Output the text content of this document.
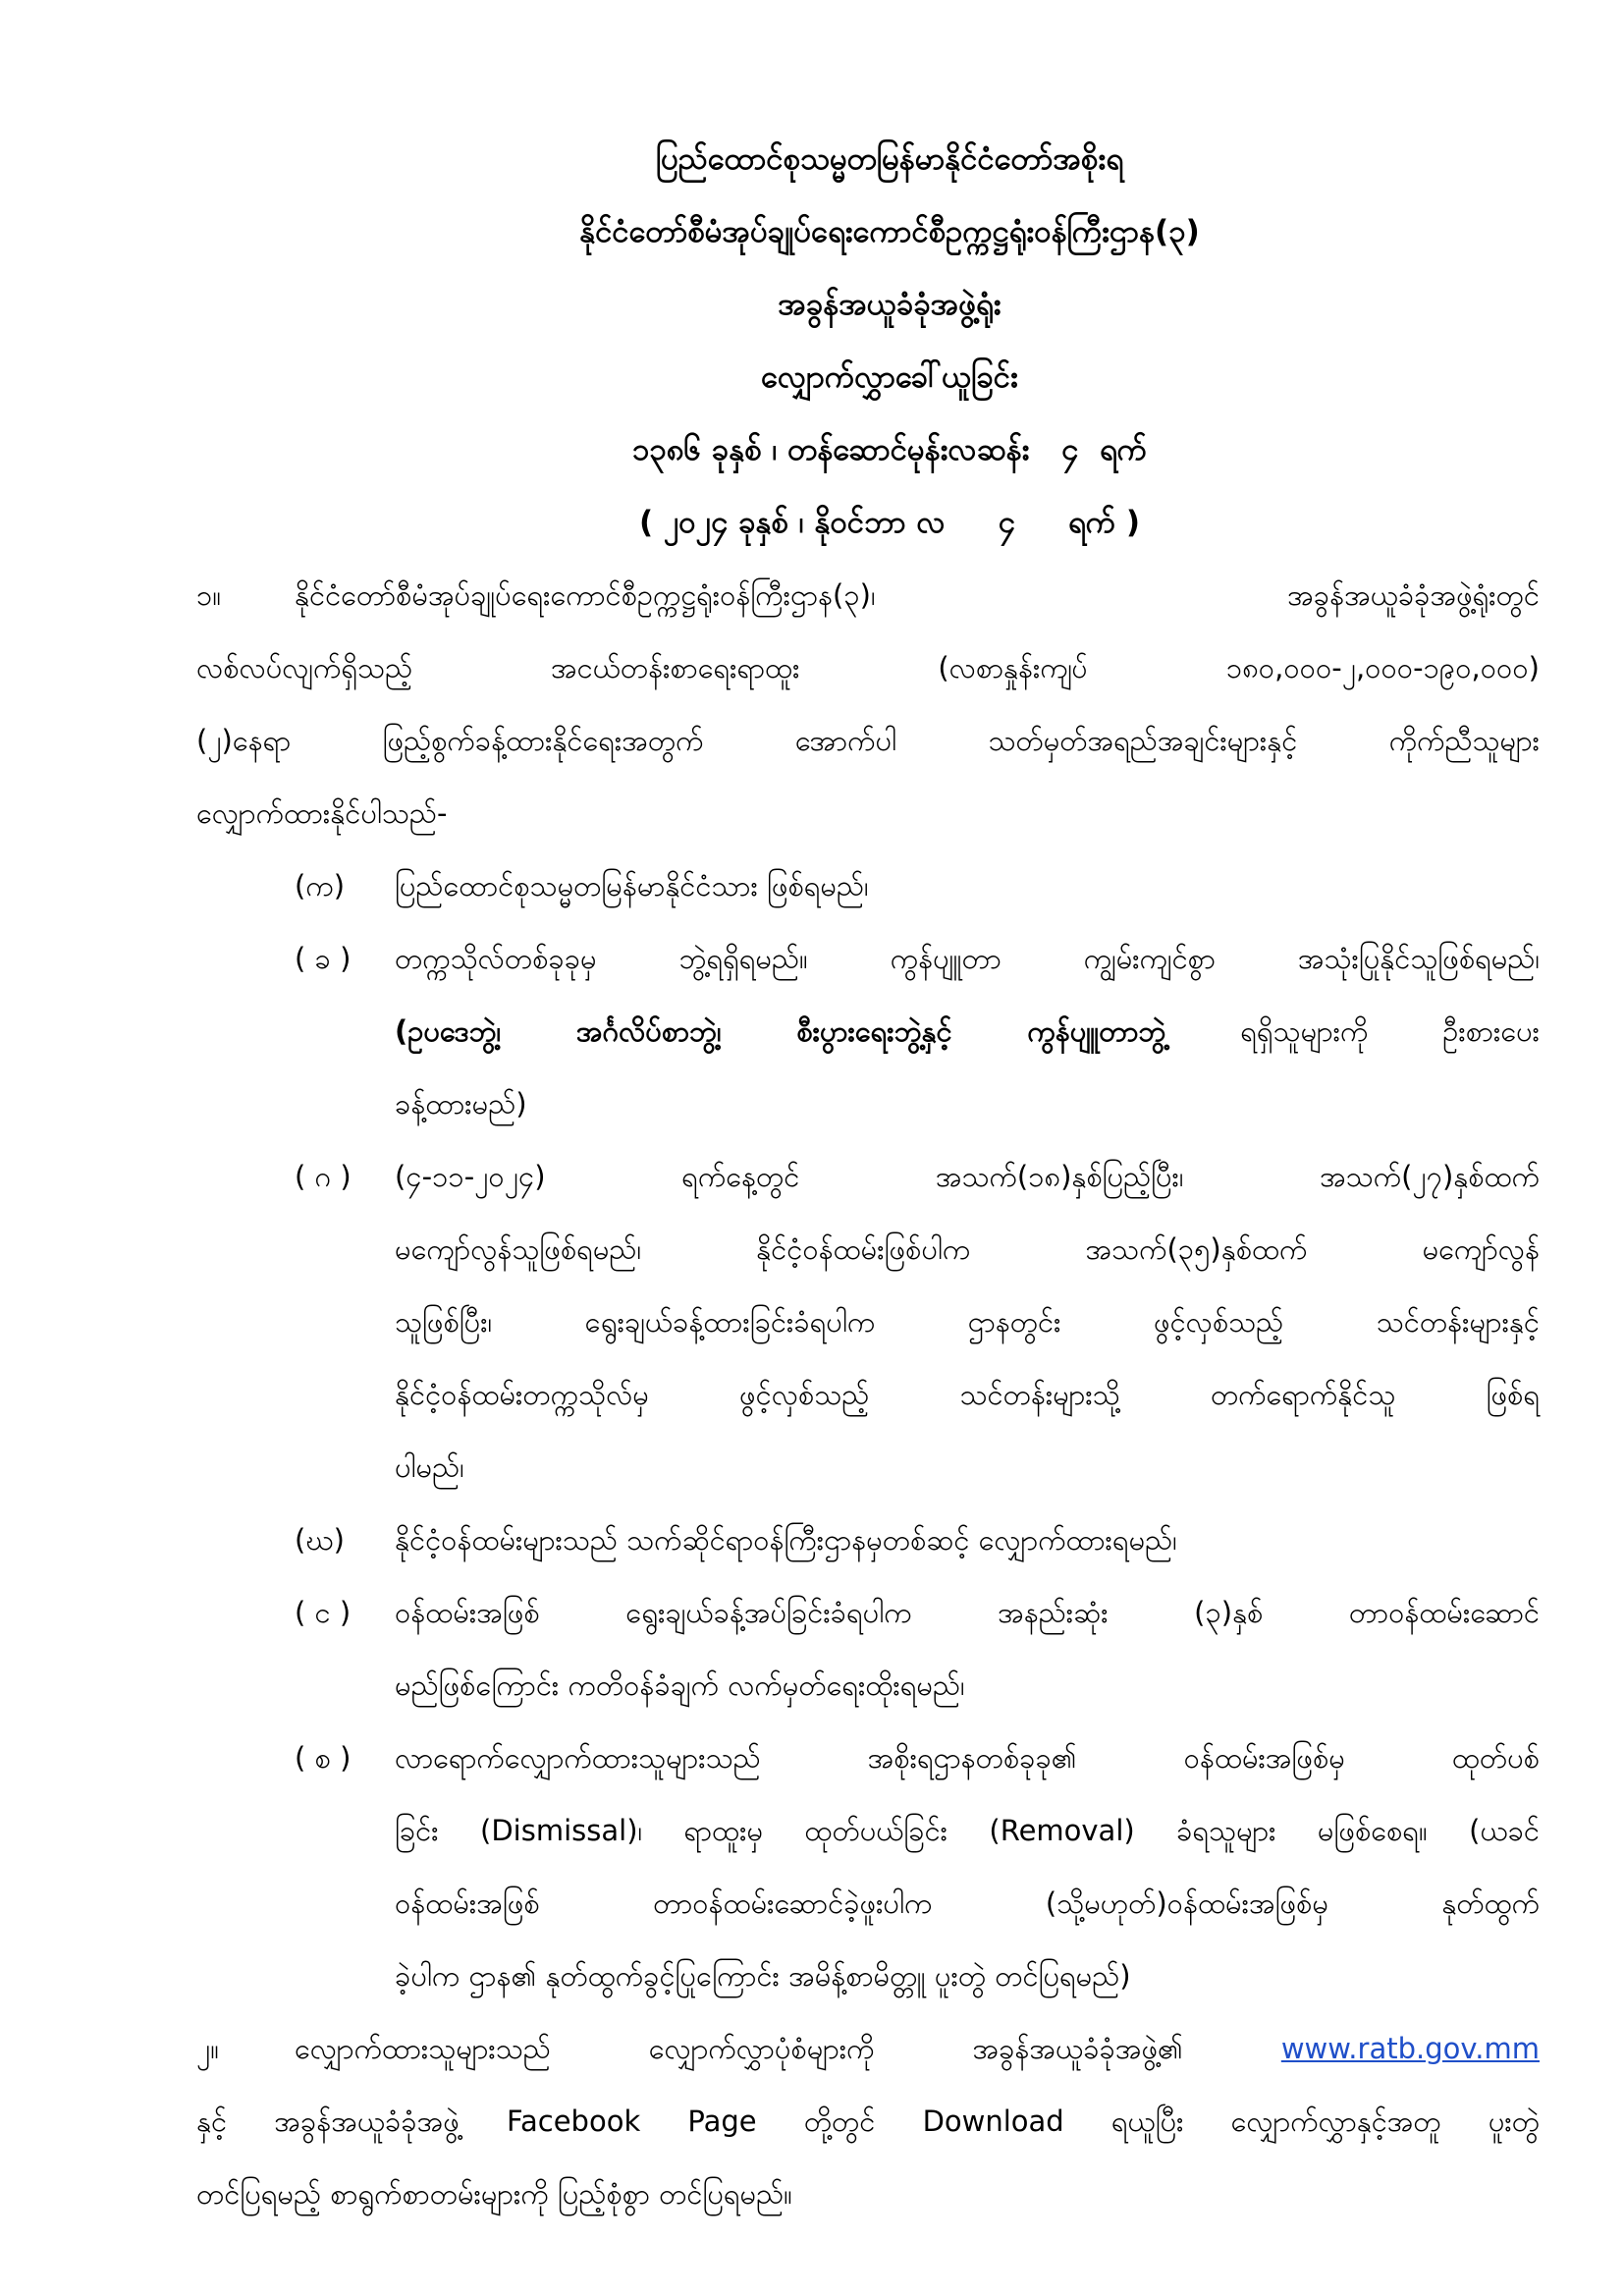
ပြည်ထောင်စုသမ္မတမြန်မာနိုင်ငံတော်အစိုးရ
နိုင်ငံတော်စီမံအုပ်ချုပ်ရေးကောင်စီဥက္ကဋ္ဌရုံးဝန်ကြီးဌာန(၃)
အခွန်အယူခံခုံအဖွဲ့ရုံး
လျှောက်လွှာခေါ်ယူခြင်း
၁၃၈၆ ခုနှစ် ၊ တန်ဆောင်မုန်းလဆန်း   ၄  ရက်
( ၂၀၂၄ ခုနှစ် ၊ နိုဝင်ဘာ လ     ၄     ရက် )
၁။	နိုင်ငံတော်စီမံအုပ်ချုပ်ရေးကောင်စီဥက္ကဋ္ဌရုံးဝန်ကြီးဌာန(၃)၊ အခွန်အယူခံခုံအဖွဲ့ရုံးတွင်
လစ်လပ်လျက်ရှိသည့် အငယ်တန်းစာရေးရာထူး (လစာနှုန်းကျပ် ၁၈၀,၀၀၀-၂,၀၀၀-၁၉၀,၀၀၀)
(၂)နေရာ ဖြည့်စွက်ခန့်ထားနိုင်ရေးအတွက် အောက်ပါ သတ်မှတ်အရည်အချင်းများနှင့် ကိုက်ညီသူများ
လျှောက်ထားနိုင်ပါသည်-
(က)	ပြည်ထောင်စုသမ္မတမြန်မာနိုင်ငံသား ဖြစ်ရမည်၊
( ခ )	တက္ကသိုလ်တစ်ခုခုမှ ဘွဲ့ရရှိရမည်။ ကွန်ပျူတာ ကျွမ်းကျင်စွာ အသုံးပြုနိုင်သူဖြစ်ရမည်၊
(ဥပဒေဘွဲ့၊ အင်္ဂလိပ်စာဘွဲ့၊ စီးပွားရေးဘွဲ့နှင့် ကွန်ပျူတာဘွဲ့ ရရှိသူများကို ဦးစားပေး
ခန့်ထားမည်)
( ဂ )	(၄-၁၁-၂၀၂၄) ရက်နေ့တွင် အသက်(၁၈)နှစ်ပြည့်ပြီး၊ အသက်(၂၇)နှစ်ထက်
မကျော်လွန်သူဖြစ်ရမည်၊ နိုင်ငံ့ဝန်ထမ်းဖြစ်ပါက အသက်(၃၅)နှစ်ထက် မကျော်လွန်
သူဖြစ်ပြီး၊ ရွေးချယ်ခန့်ထားခြင်းခံရပါက ဌာနတွင်း ဖွင့်လှစ်သည့် သင်တန်းများနှင့်
နိုင်ငံ့ဝန်ထမ်းတက္ကသိုလ်မှ ဖွင့်လှစ်သည့် သင်တန်းများသို့ တက်ရောက်နိုင်သူ ဖြစ်ရ
ပါမည်၊
(ဃ)	နိုင်ငံ့ဝန်ထမ်းများသည် သက်ဆိုင်ရာဝန်ကြီးဌာနမှတစ်ဆင့် လျှောက်ထားရမည်၊
( င )	ဝန်ထမ်းအဖြစ် ရွေးချယ်ခန့်အပ်ခြင်းခံရပါက အနည်းဆုံး (၃)နှစ် တာဝန်ထမ်းဆောင်
မည်ဖြစ်ကြောင်း ကတိဝန်ခံချက် လက်မှတ်ရေးထိုးရမည်၊
( စ )	လာရောက်လျှောက်ထားသူများသည် အစိုးရဌာနတစ်ခုခု၏ ဝန်ထမ်းအဖြစ်မှ ထုတ်ပစ်
ခြင်း (Dismissal)၊ ရာထူးမှ ထုတ်ပယ်ခြင်း (Removal) ခံရသူများ မဖြစ်စေရ။ (ယခင်
ဝန်ထမ်းအဖြစ် တာဝန်ထမ်းဆောင်ခဲ့ဖူးပါက (သို့မဟုတ်)ဝန်ထမ်းအဖြစ်မှ နုတ်ထွက်
ခဲ့ပါက ဌာန၏ နုတ်ထွက်ခွင့်ပြုကြောင်း အမိန့်စာမိတ္တူ ပူးတွဲ တင်ပြရမည်)
၂။	လျှောက်ထားသူများသည် လျှောက်လွှာပုံစံများကို အခွန်အယူခံခုံအဖွဲ့၏ www.ratb.gov.mm
နှင့် အခွန်အယူခံခုံအဖွဲ့ Facebook Page တို့တွင် Download ရယူပြီး လျှောက်လွှာနှင့်အတူ ပူးတွဲ
တင်ပြရမည့် စာရွက်စာတမ်းများကို ပြည့်စုံစွာ တင်ပြရမည်။
